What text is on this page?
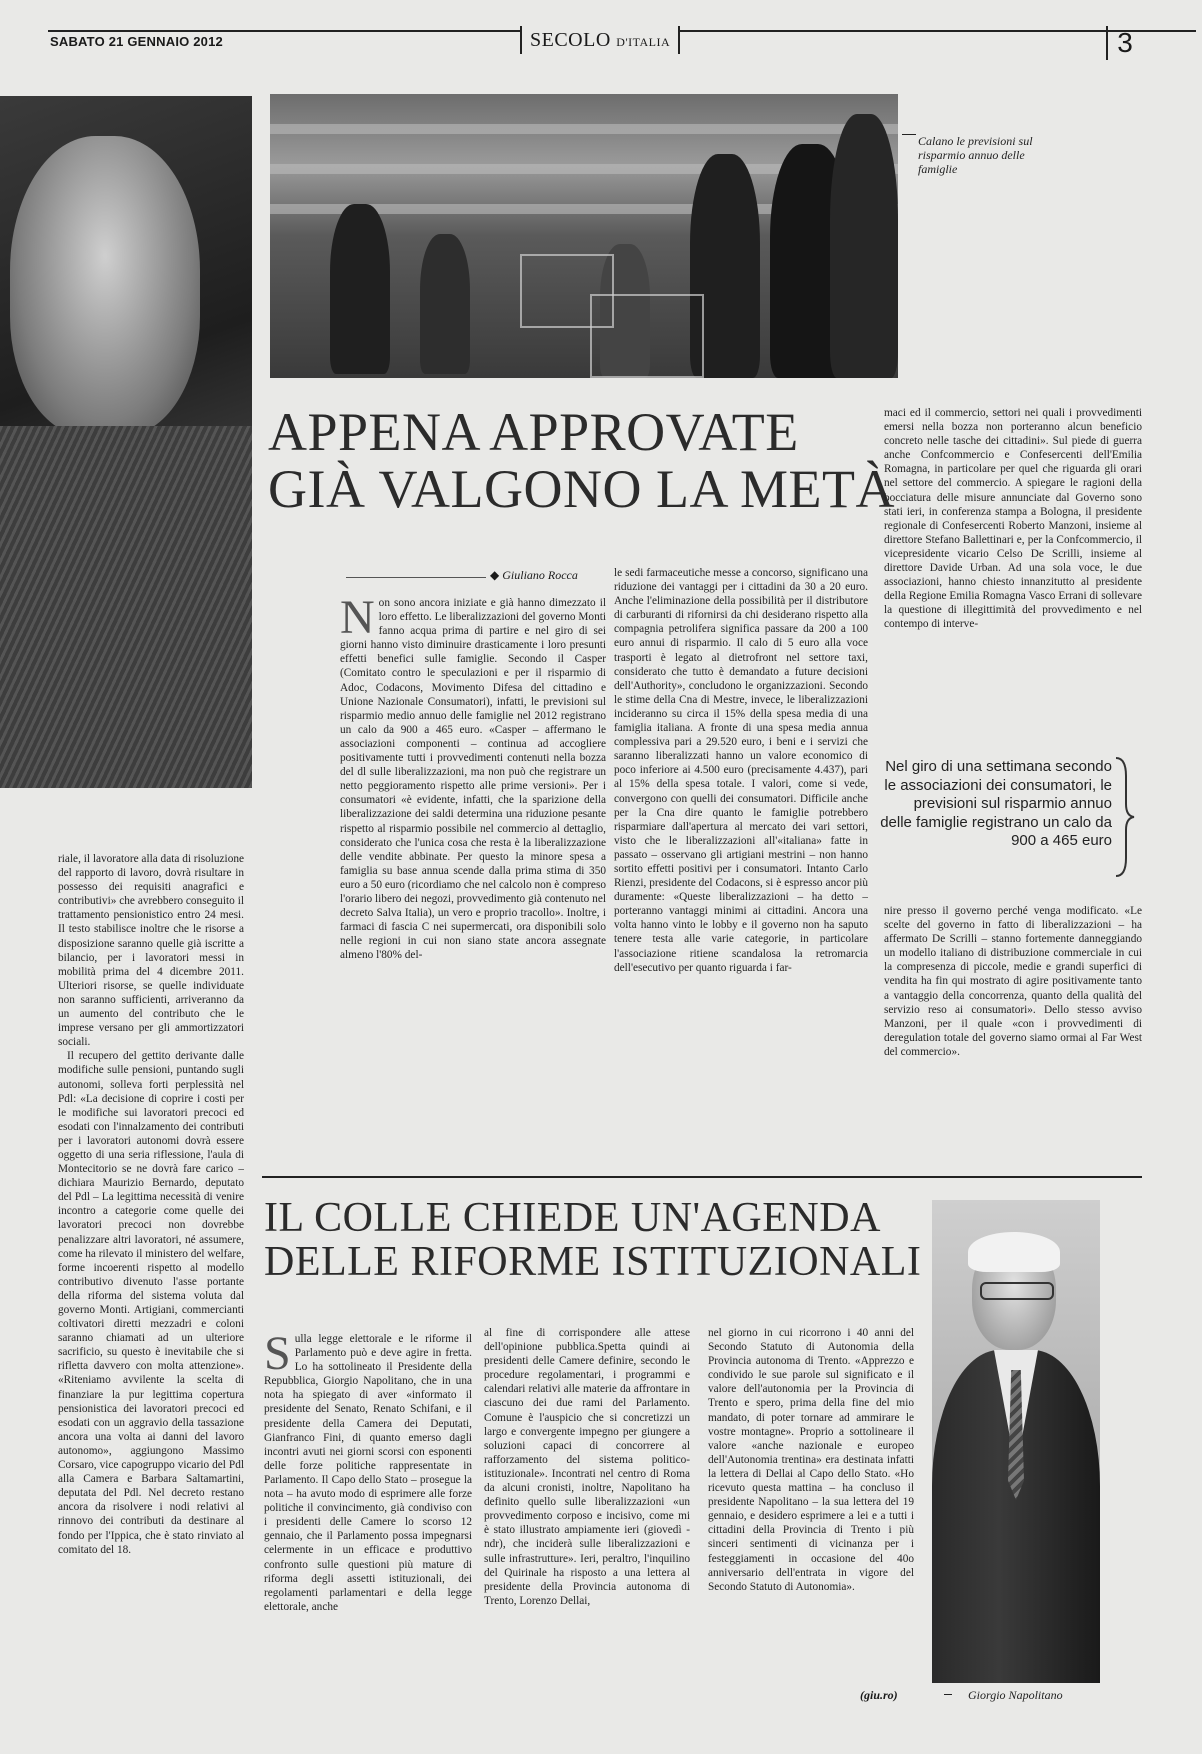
SABATO 21 GENNAIO 2012	SECOLO D'ITALIA	3
Calano le previsioni sul risparmio annuo delle famiglie
APPENA APPROVATE
GIÀ VALGONO LA METÀ
◆ Giuliano Rocca

riale, il lavoratore alla data di risoluzione del rapporto di lavoro, dovrà risultare in possesso dei requisiti anagrafici e contributivi» che avrebbero conseguito il trattamento pensionistico entro 24 mesi. Il testo stabilisce inoltre che le risorse a disposizione saranno quelle già iscritte a bilancio, per i lavoratori messi in mobilità prima del 4 dicembre 2011. Ulteriori risorse, se quelle individuate non saranno sufficienti, arriveranno da un aumento del contributo che le imprese versano per gli ammortizzatori sociali.

Il recupero del gettito derivante dalle modifiche sulle pensioni, puntando sugli autonomi, solleva forti perplessità nel Pdl: «La decisione di coprire i costi per le modifiche sui lavoratori precoci ed esodati con l'innalzamento dei contributi per i lavoratori autonomi dovrà essere oggetto di una seria riflessione, l'aula di Montecitorio se ne dovrà fare carico – dichiara Maurizio Bernardo, deputato del Pdl – La legittima necessità di venire incontro a categorie come quelle dei lavoratori precoci non dovrebbe penalizzare altri lavoratori, né assumere, come ha rilevato il ministero del welfare, forme incoerenti rispetto al modello contributivo divenuto l'asse portante della riforma del sistema voluta dal governo Monti. Artigiani, commercianti coltivatori diretti mezzadri e coloni saranno chiamati ad un ulteriore sacrificio, su questo è inevitabile che si rifletta davvero con molta attenzione». «Riteniamo avvilente la scelta di finanziare la pur legittima copertura pensionistica dei lavoratori precoci ed esodati con un aggravio della tassazione ancora una volta ai danni del lavoro autonomo», aggiungono Massimo Corsaro, vice capogruppo vicario del Pdl alla Camera e Barbara Saltamartini, deputata del Pdl. Nel decreto restano ancora da risolvere i nodi relativi al rinnovo dei contributi da destinare al fondo per l'Ippica, che è stato rinviato al comitato del 18.

Non sono ancora iniziate e già hanno dimezzato il loro effetto. Le liberalizzazioni del governo Monti fanno acqua prima di partire e nel giro di sei giorni hanno visto diminuire drasticamente i loro presunti effetti benefici sulle famiglie. Secondo il Casper (Comitato contro le speculazioni e per il risparmio di Adoc, Codacons, Movimento Difesa del cittadino e Unione Nazionale Consumatori), infatti, le previsioni sul risparmio medio annuo delle famiglie nel 2012 registrano un calo da 900 a 465 euro. «Casper – affermano le associazioni componenti – continua ad accogliere positivamente tutti i provvedimenti contenuti nella bozza del dl sulle liberalizzazioni, ma non può che registrare un netto peggioramento rispetto alle prime versioni». Per i consumatori «è evidente, infatti, che la sparizione della liberalizzazione dei saldi determina una riduzione pesante rispetto al risparmio possibile nel commercio al dettaglio, considerato che l'unica cosa che resta è la liberalizzazione delle vendite abbinate. Per questo la minore spesa a famiglia su base annua scende dalla prima stima di 350 euro a 50 euro (ricordiamo che nel calcolo non è compreso l'orario libero dei negozi, provvedimento già contenuto nel decreto Salva Italia), un vero e proprio tracollo». Inoltre, i farmaci di fascia C nei supermercati, ora disponibili solo nelle regioni in cui non siano state ancora assegnate almeno l'80% del-

le sedi farmaceutiche messe a concorso, significano una riduzione dei vantaggi per i cittadini da 30 a 20 euro. Anche l'eliminazione della possibilità per il distributore di carburanti di rifornirsi da chi desiderano rispetto alla compagnia petrolifera significa passare da 200 a 100 euro annui di risparmio. Il calo di 5 euro alla voce trasporti è legato al dietrofront nel settore taxi, considerato che tutto è demandato a future decisioni dell'Authority», concludono le organizzazioni. Secondo le stime della Cna di Mestre, invece, le liberalizzazioni incideranno su circa il 15% della spesa media di una famiglia italiana. A fronte di una spesa media annua complessiva pari a 29.520 euro, i beni e i servizi che saranno liberalizzati hanno un valore economico di poco inferiore ai 4.500 euro (precisamente 4.437), pari al 15% della spesa totale. I valori, come si vede, convergono con quelli dei consumatori. Difficile anche per la Cna dire quanto le famiglie potrebbero risparmiare dall'apertura al mercato dei vari settori, visto che le liberalizzazioni all'«italiana» fatte in passato – osservano gli artigiani mestrini – non hanno sortito effetti positivi per i consumatori. Intanto Carlo Rienzi, presidente del Codacons, si è espresso ancor più duramente: «Queste liberalizzazioni – ha detto – porteranno vantaggi minimi ai cittadini. Ancora una volta hanno vinto le lobby e il governo non ha saputo tenere testa alle varie categorie, in particolare l'associazione ritiene scandalosa la retromarcia dell'esecutivo per quanto riguarda i far-

maci ed il commercio, settori nei quali i provvedimenti emersi nella bozza non porteranno alcun beneficio concreto nelle tasche dei cittadini». Sul piede di guerra anche Confcommercio e Confesercenti dell'Emilia Romagna, in particolare per quel che riguarda gli orari nel settore del commercio. A spiegare le ragioni della bocciatura delle misure annunciate dal Governo sono stati ieri, in conferenza stampa a Bologna, il presidente regionale di Confesercenti Roberto Manzoni, insieme al direttore Stefano Ballettinari e, per la Confcommercio, il vicepresidente vicario Celso De Scrilli, insieme al direttore Davide Urban. Ad una sola voce, le due associazioni, hanno chiesto innanzitutto al presidente della Regione Emilia Romagna Vasco Errani di sollevare la questione di illegittimità del provvedimento e nel contempo di interve-

Nel giro di una settimana secondo le associazioni dei consumatori, le previsioni sul risparmio annuo delle famiglie registrano un calo da 900 a 465 euro

nire presso il governo perché venga modificato. «Le scelte del governo in fatto di liberalizzazioni – ha affermato De Scrilli – stanno fortemente danneggiando un modello italiano di distribuzione commerciale in cui la compresenza di piccole, medie e grandi superfici di vendita ha fin qui mostrato di agire positivamente tanto a vantaggio della concorrenza, quanto della qualità del servizio reso ai consumatori». Dello stesso avviso Manzoni, per il quale «con i provvedimenti di deregulation totale del governo siamo ormai al Far West del commercio».

IL COLLE CHIEDE UN'AGENDA
DELLE RIFORME ISTITUZIONALI

Sulla legge elettorale e le riforme il Parlamento può e deve agire in fretta. Lo ha sottolineato il Presidente della Repubblica, Giorgio Napolitano, che in una nota ha spiegato di aver «informato il presidente del Senato, Renato Schifani, e il presidente della Camera dei Deputati, Gianfranco Fini, di quanto emerso dagli incontri avuti nei giorni scorsi con esponenti delle forze politiche rappresentate in Parlamento. Il Capo dello Stato – prosegue la nota – ha avuto modo di esprimere alle forze politiche il convincimento, già condiviso con i presidenti delle Camere lo scorso 12 gennaio, che il Parlamento possa impegnarsi celermente in un efficace e produttivo confronto sulle questioni più mature di riforma degli assetti istituzionali, dei regolamenti parlamentari e della legge elettorale, anche

al fine di corrispondere alle attese dell'opinione pubblica.Spetta quindi ai presidenti delle Camere definire, secondo le procedure regolamentari, i programmi e calendari relativi alle materie da affrontare in ciascuno dei due rami del Parlamento. Comune è l'auspicio che si concretizzi un largo e convergente impegno per giungere a soluzioni capaci di concorrere al rafforzamento del sistema politico-istituzionale». Incontrati nel centro di Roma da alcuni cronisti, inoltre, Napolitano ha definito quello sulle liberalizzazioni «un provvedimento corposo e incisivo, come mi è stato illustrato ampiamente ieri (giovedì - ndr), che inciderà sulle liberalizzazioni e sulle infrastrutture». Ieri, peraltro, l'inquilino del Quirinale ha risposto a una lettera al presidente della Provincia autonoma di Trento, Lorenzo Dellai,

nel giorno in cui ricorrono i 40 anni del Secondo Statuto di Autonomia della Provincia autonoma di Trento. «Apprezzo e condivido le sue parole sul significato e il valore dell'autonomia per la Provincia di Trento e spero, prima della fine del mio mandato, di poter tornare ad ammirare le vostre montagne». Proprio a sottolineare il valore «anche nazionale e europeo dell'Autonomia trentina» era destinata infatti la lettera di Dellai al Capo dello Stato. «Ho ricevuto questa mattina – ha concluso il presidente Napolitano – la sua lettera del 19 gennaio, e desidero esprimere a lei e a tutti i cittadini della Provincia di Trento i più sinceri sentimenti di vicinanza per i festeggiamenti in occasione del 40o anniversario dell'entrata in vigore del Secondo Statuto di Autonomia».

(giu.ro)	Giorgio Napolitano
